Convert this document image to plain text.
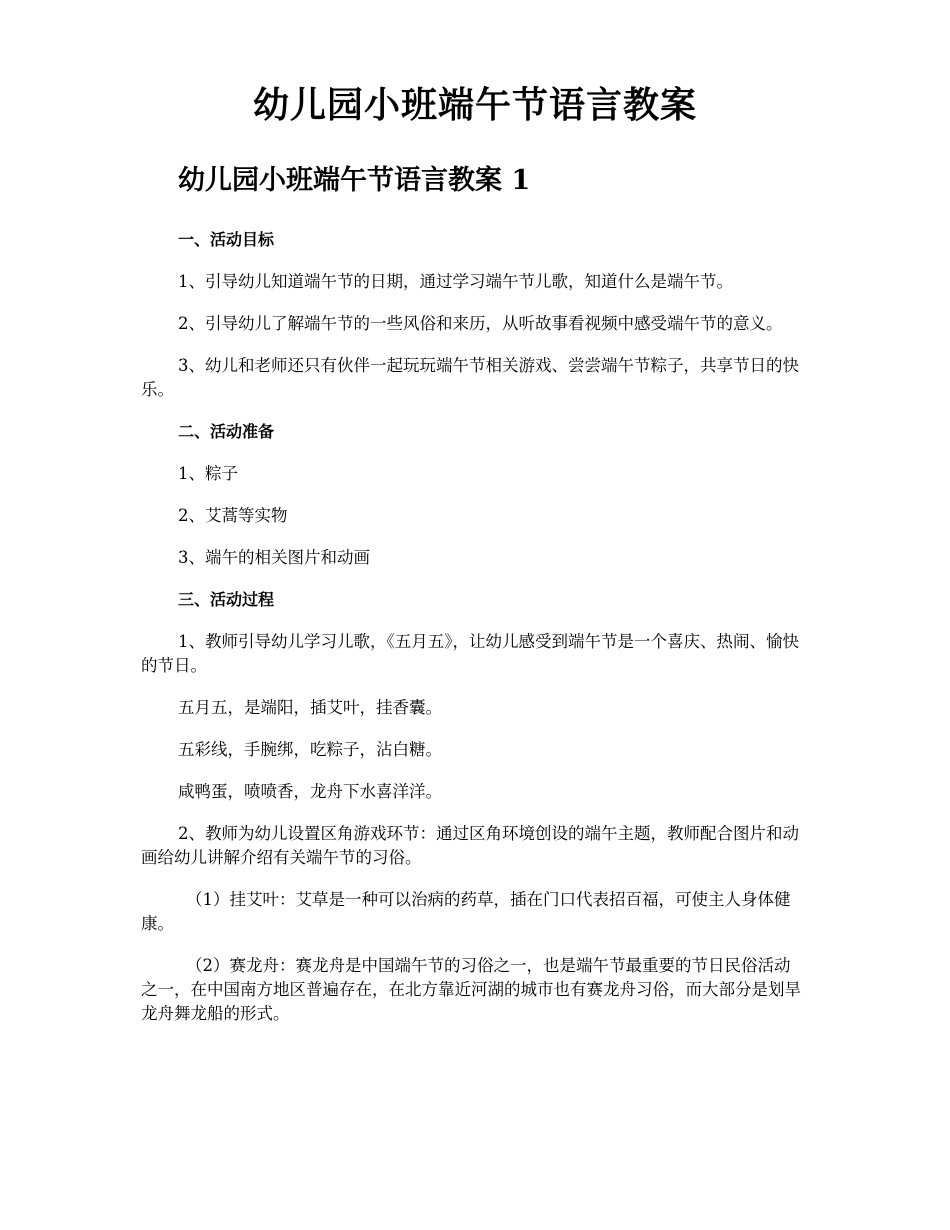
幼儿园小班端午节语言教案
幼儿园小班端午节语言教案 1

一、活动目标

1、引导幼儿知道端午节的日期，通过学习端午节儿歌，知道什么是端午节。

2、引导幼儿了解端午节的一些风俗和来历，从听故事看视频中感受端午节的意义。

3、幼儿和老师还只有伙伴一起玩玩端午节相关游戏、尝尝端午节粽子，共享节日的快乐。

二、活动准备

1、粽子

2、艾蒿等实物

3、端午的相关图片和动画

三、活动过程

1、教师引导幼儿学习儿歌，《五月五》，让幼儿感受到端午节是一个喜庆、热闹、愉快的节日。

五月五，是端阳，插艾叶，挂香囊。

五彩线，手腕绑，吃粽子，沾白糖。

咸鸭蛋，喷喷香，龙舟下水喜洋洋。

2、教师为幼儿设置区角游戏环节：通过区角环境创设的端午主题，教师配合图片和动画给幼儿讲解介绍有关端午节的习俗。

（1）挂艾叶：艾草是一种可以治病的药草，插在门口代表招百福，可使主人身体健康。

（2）赛龙舟：赛龙舟是中国端午节的习俗之一，也是端午节最重要的节日民俗活动之一，在中国南方地区普遍存在，在北方靠近河湖的城市也有赛龙舟习俗，而大部分是划旱龙舟舞龙船的形式。
